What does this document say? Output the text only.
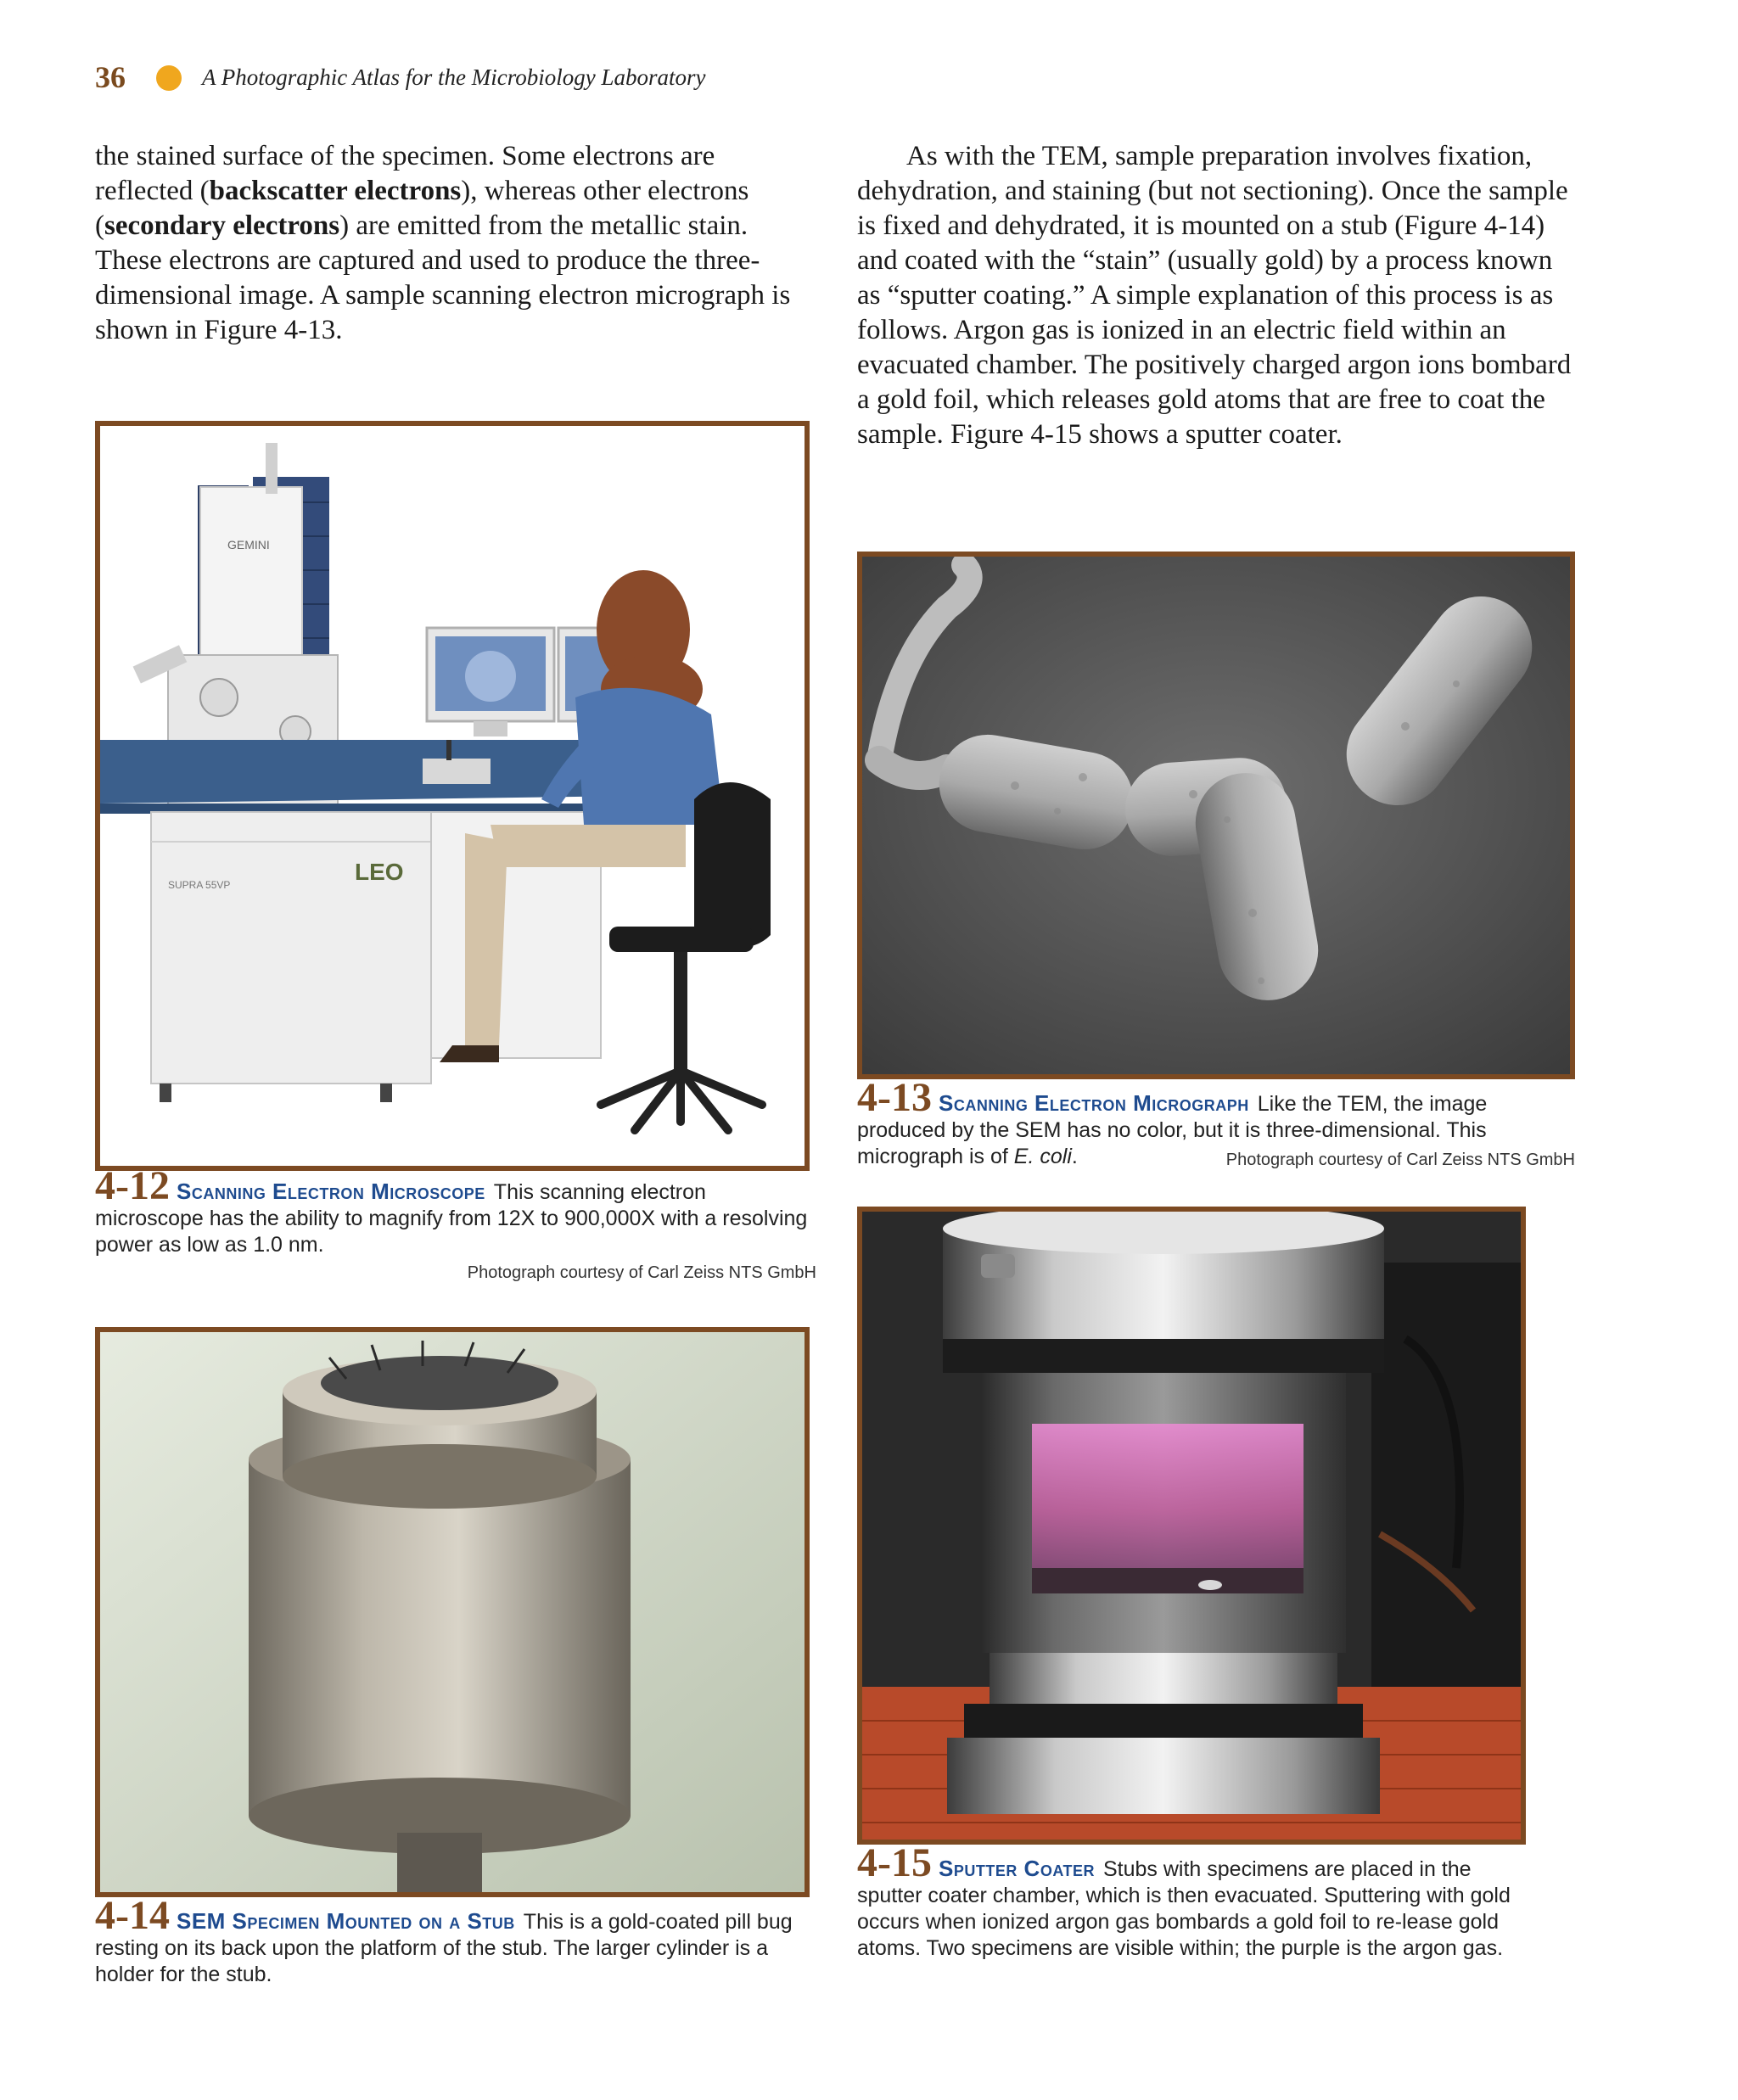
36	A Photographic Atlas for the Microbiology Laboratory

the stained surface of the specimen. Some electrons are reflected (backscatter electrons), whereas other electrons (secondary electrons) are emitted from the metallic stain. These electrons are captured and used to produce the three-dimensional image. A sample scanning electron micrograph is shown in Figure 4-13.

As with the TEM, sample preparation involves fixation, dehydration, and staining (but not sectioning). Once the sample is fixed and dehydrated, it is mounted on a stub (Figure 4-14) and coated with the “stain” (usually gold) by a process known as “sputter coating.” A simple explanation of this process is as follows. Argon gas is ionized in an electric field within an evacuated chamber. The positively charged argon ions bombard a gold foil, which releases gold atoms that are free to coat the sample. Figure 4-15 shows a sputter coater.

GEMINI
LEO
SUPRA 55VP
4-12 Scanning Electron Microscope This scanning electron microscope has the ability to magnify from 12X to 900,000X with a resolving power as low as 1.0 nm.
Photograph courtesy of Carl Zeiss NTS GmbH
4-13 Scanning Electron Micrograph Like the TEM, the image produced by the SEM has no color, but it is three-dimensional. This micrograph is of E. coli.	Photograph courtesy of Carl Zeiss NTS GmbH
4-14 SEM Specimen Mounted on a Stub This is a gold-coated pill bug resting on its back upon the platform of the stub. The larger cylinder is a holder for the stub.
4-15 Sputter Coater Stubs with specimens are placed in the sputter coater chamber, which is then evacuated. Sputtering with gold occurs when ionized argon gas bombards a gold foil to re-lease gold atoms. Two specimens are visible within; the purple is the argon gas.
